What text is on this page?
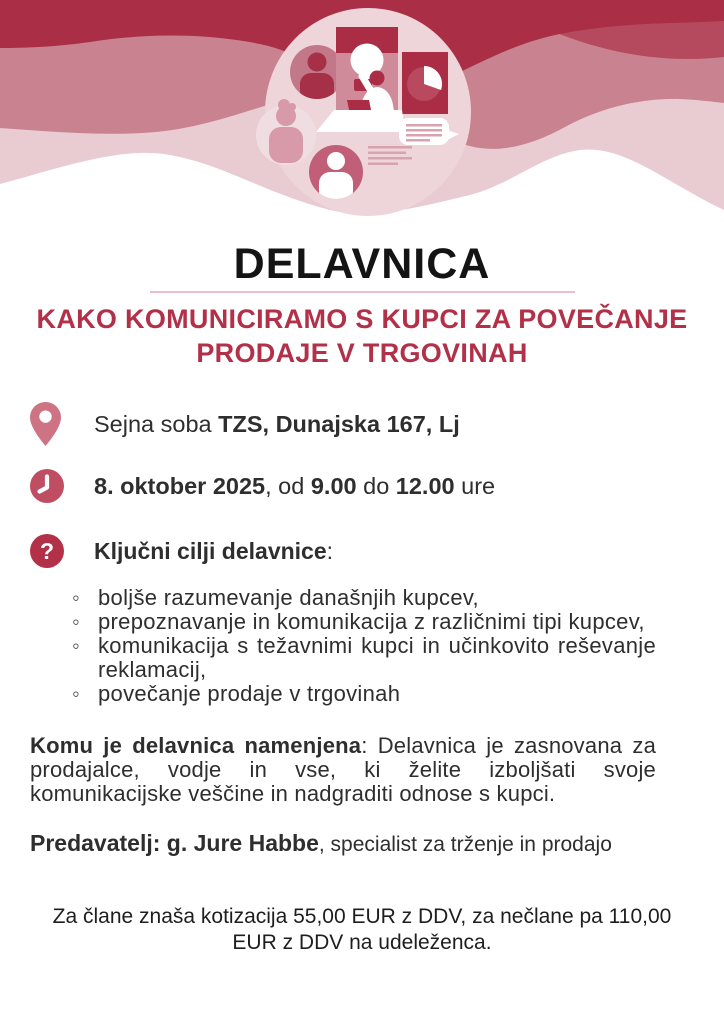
DELAVNICA
KAKO KOMUNICIRAMO S KUPCI ZA POVEČANJE
PRODAJE V TRGOVINAH
Sejna soba TZS, Dunajska 167, Lj
8. oktober 2025, od 9.00 do 12.00 ure
? Ključni cilji delavnice:
◦ boljše razumevanje današnjih kupcev,
◦ prepoznavanje in komunikacija z različnimi tipi kupcev,
◦ komunikacija s težavnimi kupci in učinkovito reševanje reklamacij,
◦ povečanje prodaje v trgovinah

Komu je delavnica namenjena: Delavnica je zasnovana za prodajalce, vodje in vse, ki želite izboljšati svoje komunikacijske veščine in nadgraditi odnose s kupci.

Predavatelj: g. Jure Habbe, specialist za trženje in prodajo

Za člane znaša kotizacija 55,00 EUR z DDV, za nečlane pa 110,00 EUR z DDV na udeleženca.
